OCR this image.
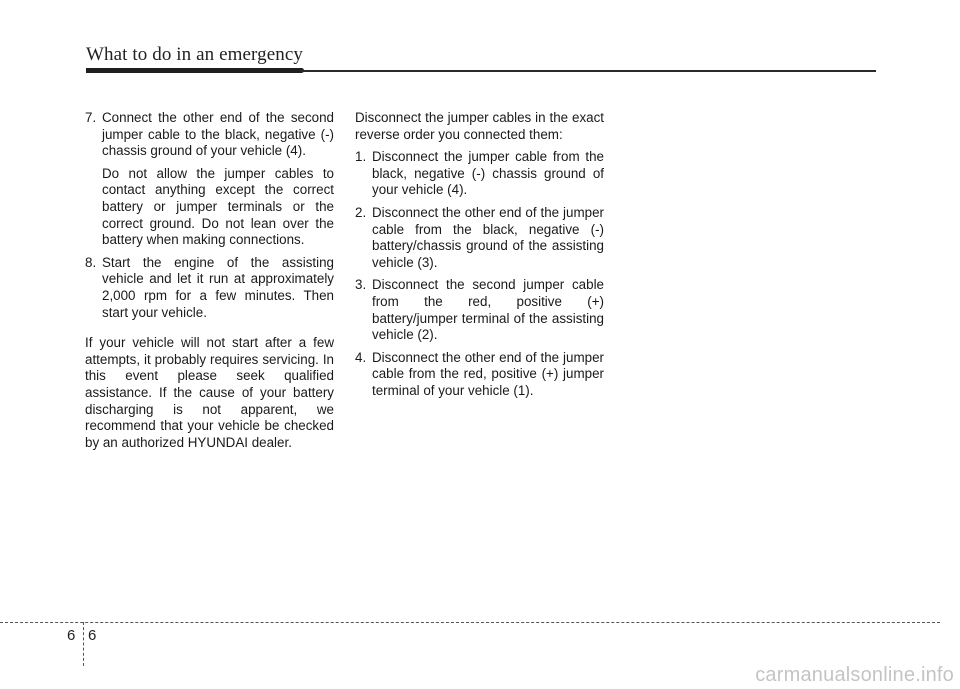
What to do in an emergency
7. Connect the other end of the second jumper cable to the black, negative (-) chassis ground of your vehicle (4).

Do not allow the jumper cables to contact anything except the correct battery or jumper terminals or the correct ground. Do not lean over the battery when making connections.

8. Start the engine of the assisting vehicle and let it run at approximately 2,000 rpm for a few minutes. Then start your vehicle.

If your vehicle will not start after a few attempts, it probably requires servicing. In this event please seek qualified assistance. If the cause of your battery discharging is not apparent, we recommend that your vehicle be checked by an authorized HYUNDAI dealer.

Disconnect the jumper cables in the exact reverse order you connected them:

1. Disconnect the jumper cable from the black, negative (-) chassis ground of your vehicle (4).

2. Disconnect the other end of the jumper cable from the black, negative (-) battery/chassis ground of the assisting vehicle (3).

3. Disconnect the second jumper cable from the red, positive (+) battery/jumper terminal of the assisting vehicle (2).

4. Disconnect the other end of the jumper cable from the red, positive (+) jumper terminal of your vehicle (1).

6 6
carmanualsonline.info
